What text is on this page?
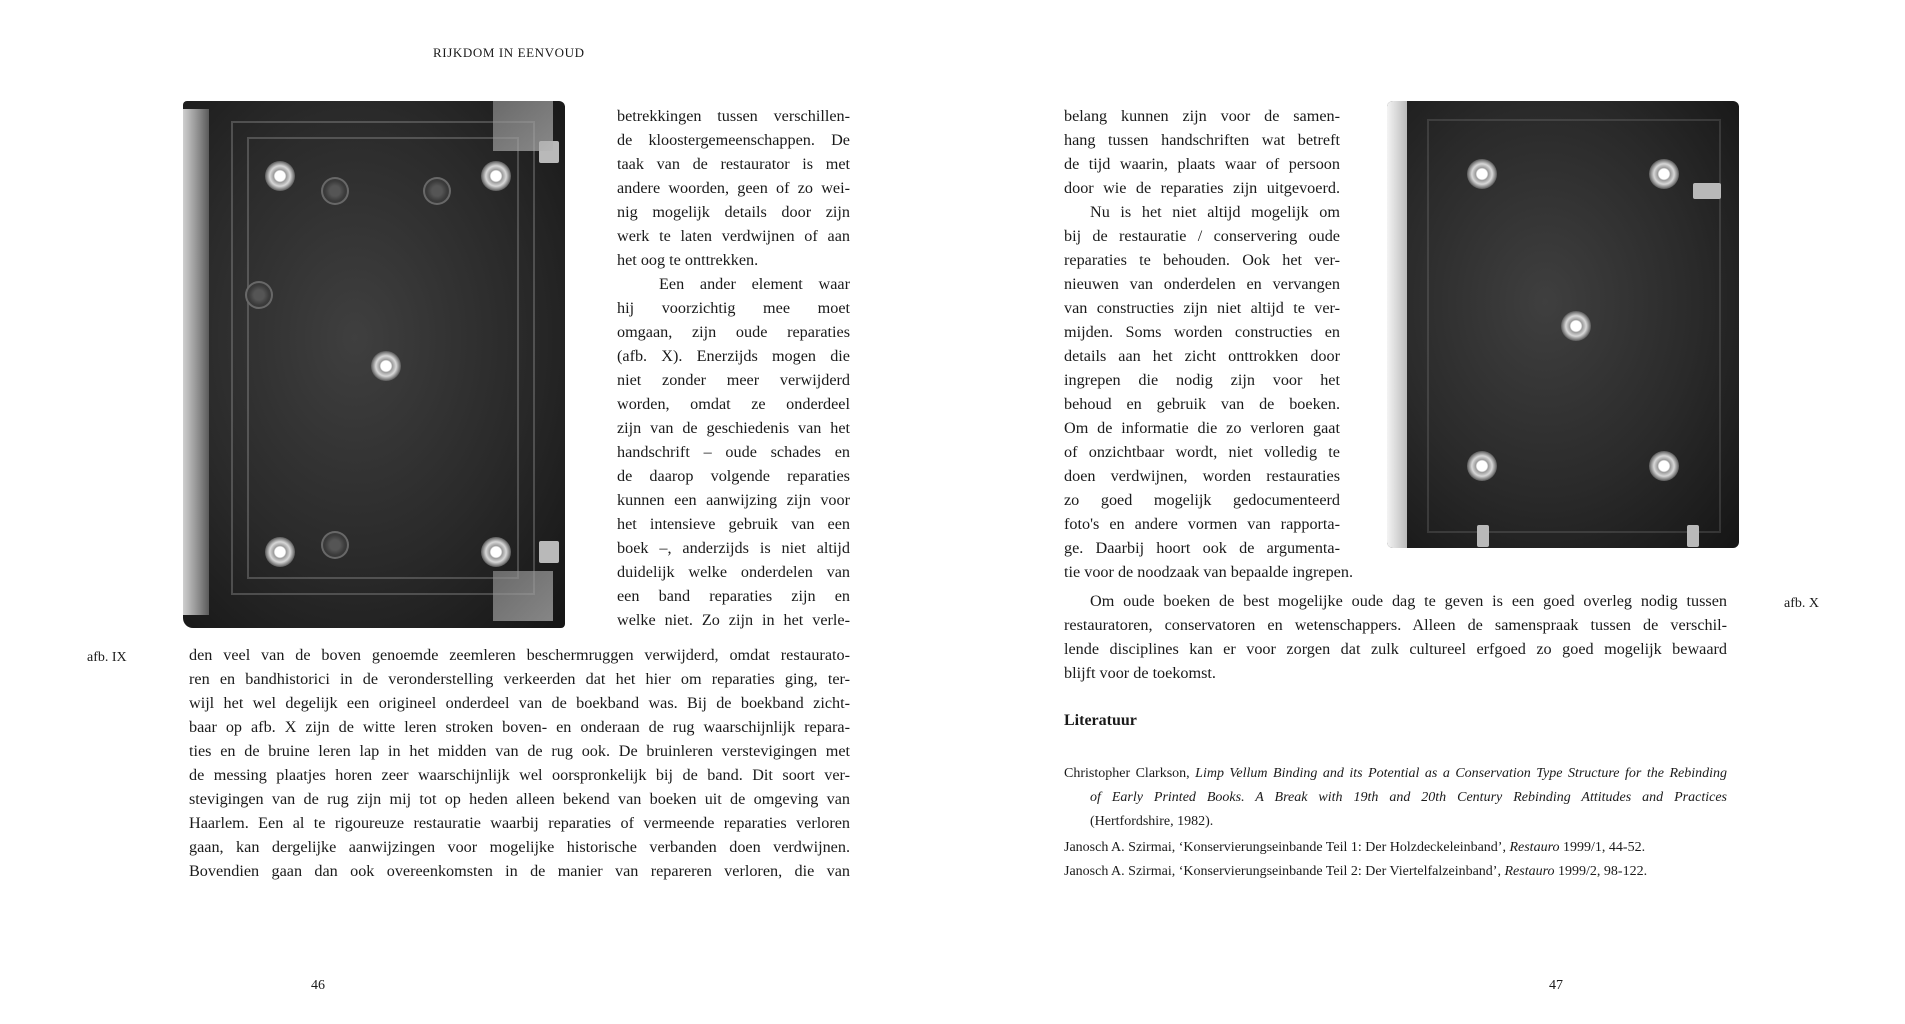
RIJKDOM IN EENVOUD
46	47
betrekkingen tussen verschillen-
de kloostergemeenschappen. De
taak van de restaurator is met
andere woorden, geen of zo wei-
nig mogelijk details door zijn
werk te laten verdwijnen of aan
het oog te onttrekken.
Een ander element waar
hij voorzichtig mee moet
omgaan, zijn oude reparaties
(afb. X). Enerzijds mogen die
niet zonder meer verwijderd
worden, omdat ze onderdeel
zijn van de geschiedenis van het
handschrift – oude schades en
de daarop volgende reparaties
kunnen een aanwijzing zijn voor
het intensieve gebruik van een
boek –, anderzijds is niet altijd
duidelijk welke onderdelen van
een band reparaties zijn en
welke niet. Zo zijn in het verle-
afb. IX	den veel van de boven genoemde zeemleren beschermruggen verwijderd, omdat restaurato-
ren en bandhistorici in de veronderstelling verkeerden dat het hier om reparaties ging, ter-
wijl het wel degelijk een origineel onderdeel van de boekband was. Bij de boekband zicht-
baar op afb. X zijn de witte leren stroken boven- en onderaan de rug waarschijnlijk repara-
ties en de bruine leren lap in het midden van de rug ook. De bruinleren verstevigingen met
de messing plaatjes horen zeer waarschijnlijk wel oorspronkelijk bij de band. Dit soort ver-
stevigingen van de rug zijn mij tot op heden alleen bekend van boeken uit de omgeving van
Haarlem. Een al te rigoureuze restauratie waarbij reparaties of vermeende reparaties verloren
gaan, kan dergelijke aanwijzingen voor mogelijke historische verbanden doen verdwijnen.
Bovendien gaan dan ook overeenkomsten in de manier van repareren verloren, die van
belang kunnen zijn voor de samen-
hang tussen handschriften wat betreft
de tijd waarin, plaats waar of persoon
door wie de reparaties zijn uitgevoerd.
Nu is het niet altijd mogelijk om
bij de restauratie / conservering oude
reparaties te behouden. Ook het ver-
nieuwen van onderdelen en vervangen
van constructies zijn niet altijd te ver-
mijden. Soms worden constructies en
details aan het zicht onttrokken door
ingrepen die nodig zijn voor het
behoud en gebruik van de boeken.
Om de informatie die zo verloren gaat
of onzichtbaar wordt, niet volledig te
doen verdwijnen, worden restauraties
zo goed mogelijk gedocumenteerd
foto's en andere vormen van rapporta-
ge. Daarbij hoort ook de argumenta-
tie voor de noodzaak van bepaalde ingrepen.
afb. X
Om oude boeken de best mogelijke oude dag te geven is een goed overleg nodig tussen
restauratoren, conservatoren en wetenschappers. Alleen de samenspraak tussen de verschil-
lende disciplines kan er voor zorgen dat zulk cultureel erfgoed zo goed mogelijk bewaard
blijft voor de toekomst.
Literatuur
Christopher Clarkson, Limp Vellum Binding and its Potential as a Conservation Type Structure for the Rebinding
of Early Printed Books. A Break with 19th and 20th Century Rebinding Attitudes and Practices
(Hertfordshire, 1982).
Janosch A. Szirmai, ‘Konservierungseinbande Teil 1: Der Holzdeckeleinband’, Restauro 1999/1, 44-52.
Janosch A. Szirmai, ‘Konservierungseinbande Teil 2: Der Viertelfalzeinband’, Restauro 1999/2, 98-122.
